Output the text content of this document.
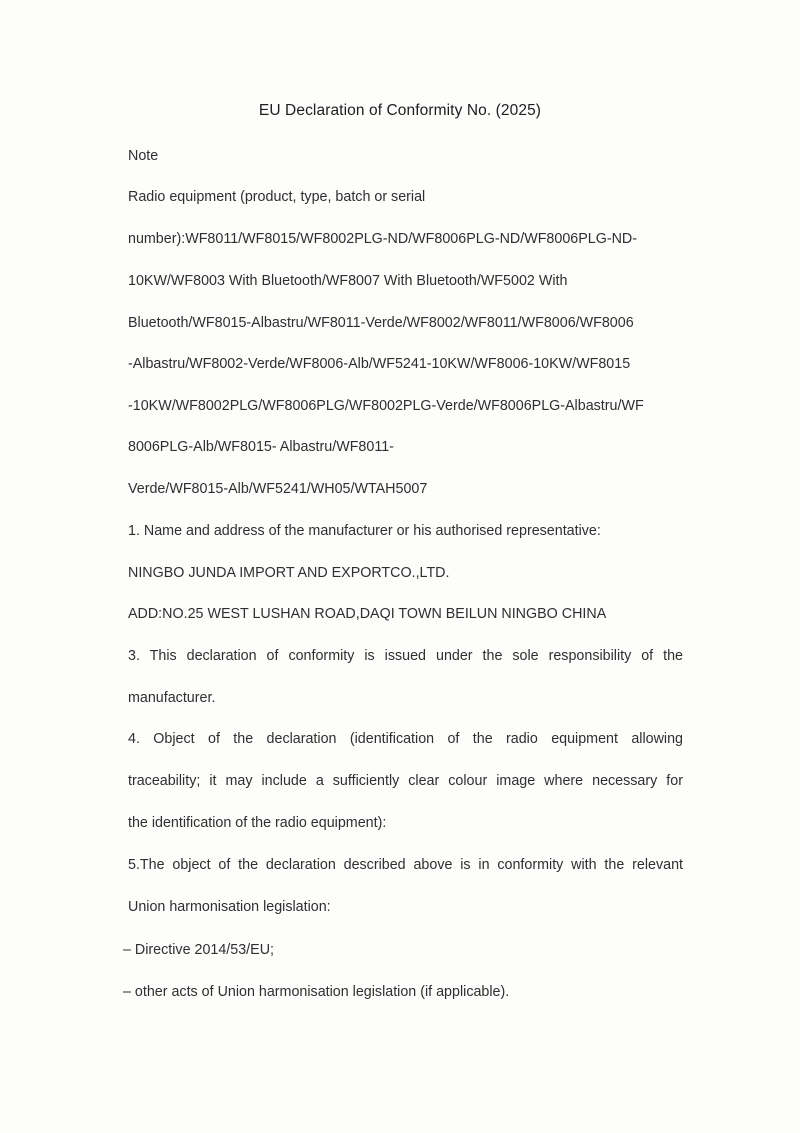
EU Declaration of Conformity No. (2025)
Note
Radio equipment (product, type, batch or serial
number):WF8011/WF8015/WF8002PLG-ND/WF8006PLG-ND/WF8006PLG-ND-
10KW/WF8003 With Bluetooth/WF8007 With Bluetooth/WF5002 With
Bluetooth/WF8015-Albastru/WF8011-Verde/WF8002/WF8011/WF8006/WF8006
-Albastru/WF8002-Verde/WF8006-Alb/WF5241-10KW/WF8006-10KW/WF8015
-10KW/WF8002PLG/WF8006PLG/WF8002PLG-Verde/WF8006PLG-Albastru/WF
8006PLG-Alb/WF8015- Albastru/WF8011-
Verde/WF8015-Alb/WF5241/WH05/WTAH5007
1. Name and address of the manufacturer or his authorised representative:
NINGBO JUNDA IMPORT AND EXPORTCO.,LTD.
ADD:NO.25 WEST LUSHAN ROAD,DAQI TOWN BEILUN NINGBO CHINA
3. This declaration of conformity is issued under the sole responsibility of the
manufacturer.
4. Object of the declaration (identification of the radio equipment allowing
traceability; it may include a sufficiently clear colour image where necessary for
the identification of the radio equipment):
5.The object of the declaration described above is in conformity with the relevant
Union harmonisation legislation:
– Directive 2014/53/EU;
– other acts of Union harmonisation legislation (if applicable).
